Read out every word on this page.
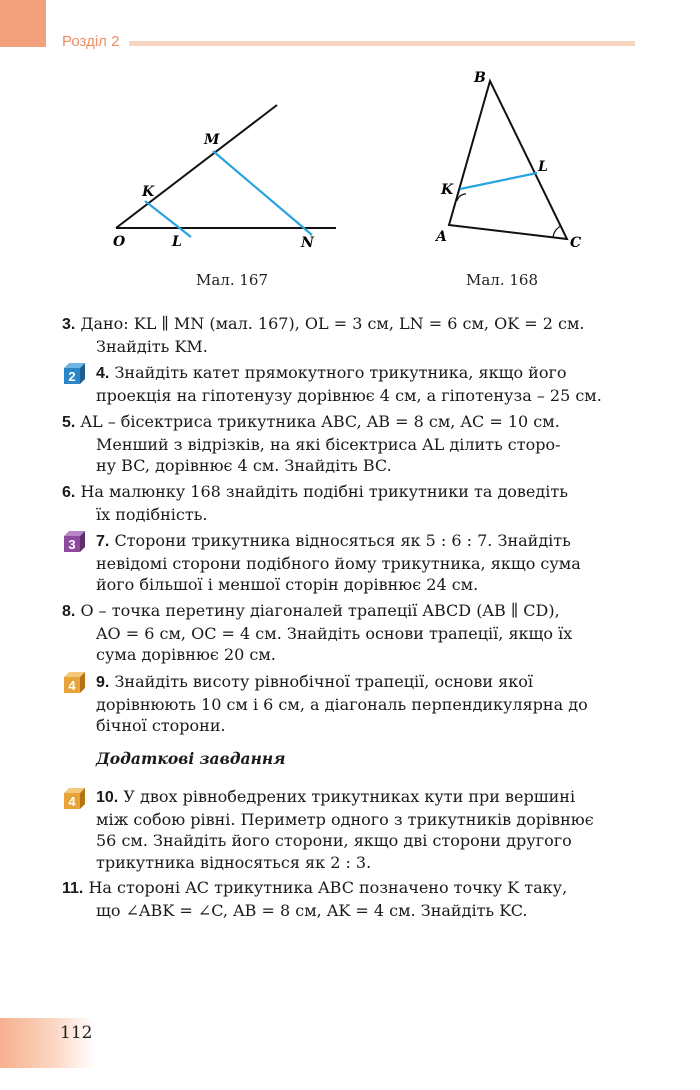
Розділ 2
O
K
M
L	N
Мал. 167
B
K
L
A	C
Мал. 168
2
3
4
4
3. Дано: KL ∥ MN (мал. 167), OL = 3 см, LN = 6 см, OK = 2 см.
Знайдіть KM.
4. Знайдіть катет прямокутного трикутника, якщо його
проекція на гіпотенузу дорівнює 4 см, а гіпотенуза – 25 см.
5. AL – бісектриса трикутника ABC, AB = 8 см, AC = 10 см.
Менший з відрізків, на які бісектриса AL ділить сторо-
ну BC, дорівнює 4 см. Знайдіть BC.
6. На малюнку 168 знайдіть подібні трикутники та доведіть
їх подібність.
7. Сторони трикутника відносяться як 5 : 6 : 7. Знайдіть
невідомі сторони подібного йому трикутника, якщо сума
його більшої і меншої сторін дорівнює 24 см.
8. O – точка перетину діагоналей трапеції ABCD (AB ∥ CD),
AO = 6 см, OC = 4 см. Знайдіть основи трапеції, якщо їх
сума дорівнює 20 см.
9. Знайдіть висоту рівнобічної трапеції, основи якої
дорівнюють 10 см і 6 см, а діагональ перпендикулярна до
бічної сторони.
Додаткові завдання
10. У двох рівнобедрених трикутниках кути при вершині
між собою рівні. Периметр одного з трикутників дорівнює
56 см. Знайдіть його сторони, якщо дві сторони другого
трикутника відносяться як 2 : 3.
11. На стороні AC трикутника ABC позначено точку K таку,
що ∠ABK = ∠C, AB = 8 см, AK = 4 см. Знайдіть KC.
112
